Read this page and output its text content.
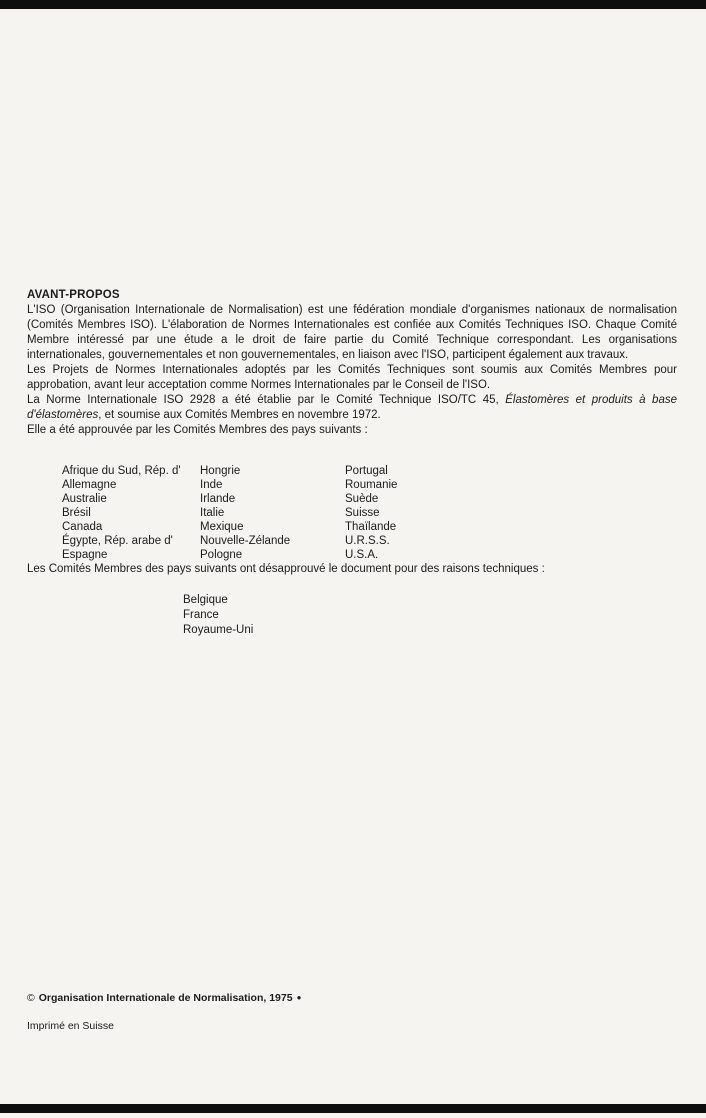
AVANT-PROPOS

L'ISO (Organisation Internationale de Normalisation) est une fédération mondiale d'organismes nationaux de normalisation (Comités Membres ISO). L'élaboration de Normes Internationales est confiée aux Comités Techniques ISO. Chaque Comité Membre intéressé par une étude a le droit de faire partie du Comité Technique correspondant. Les organisations internationales, gouvernementales et non gouvernementales, en liaison avec l'ISO, participent également aux travaux.

Les Projets de Normes Internationales adoptés par les Comités Techniques sont soumis aux Comités Membres pour approbation, avant leur acceptation comme Normes Internationales par le Conseil de l'ISO.

La Norme Internationale ISO 2928 a été établie par le Comité Technique ISO/TC 45, Élastomères et produits à base d'élastomères, et soumise aux Comités Membres en novembre 1972.

Elle a été approuvée par les Comités Membres des pays suivants :

Afrique du Sud, Rép. d'
Allemagne
Australie
Brésil
Canada
Égypte, Rép. arabe d'
Espagne
Hongrie
Inde
Irlande
Italie
Mexique
Nouvelle-Zélande
Pologne
Portugal
Roumanie
Suède
Suisse
Thaïlande
U.R.S.S.
U.S.A.

Les Comités Membres des pays suivants ont désapprouvé le document pour des raisons techniques :

Belgique
France
Royaume-Uni

© Organisation Internationale de Normalisation, 1975 ●

Imprimé en Suisse
